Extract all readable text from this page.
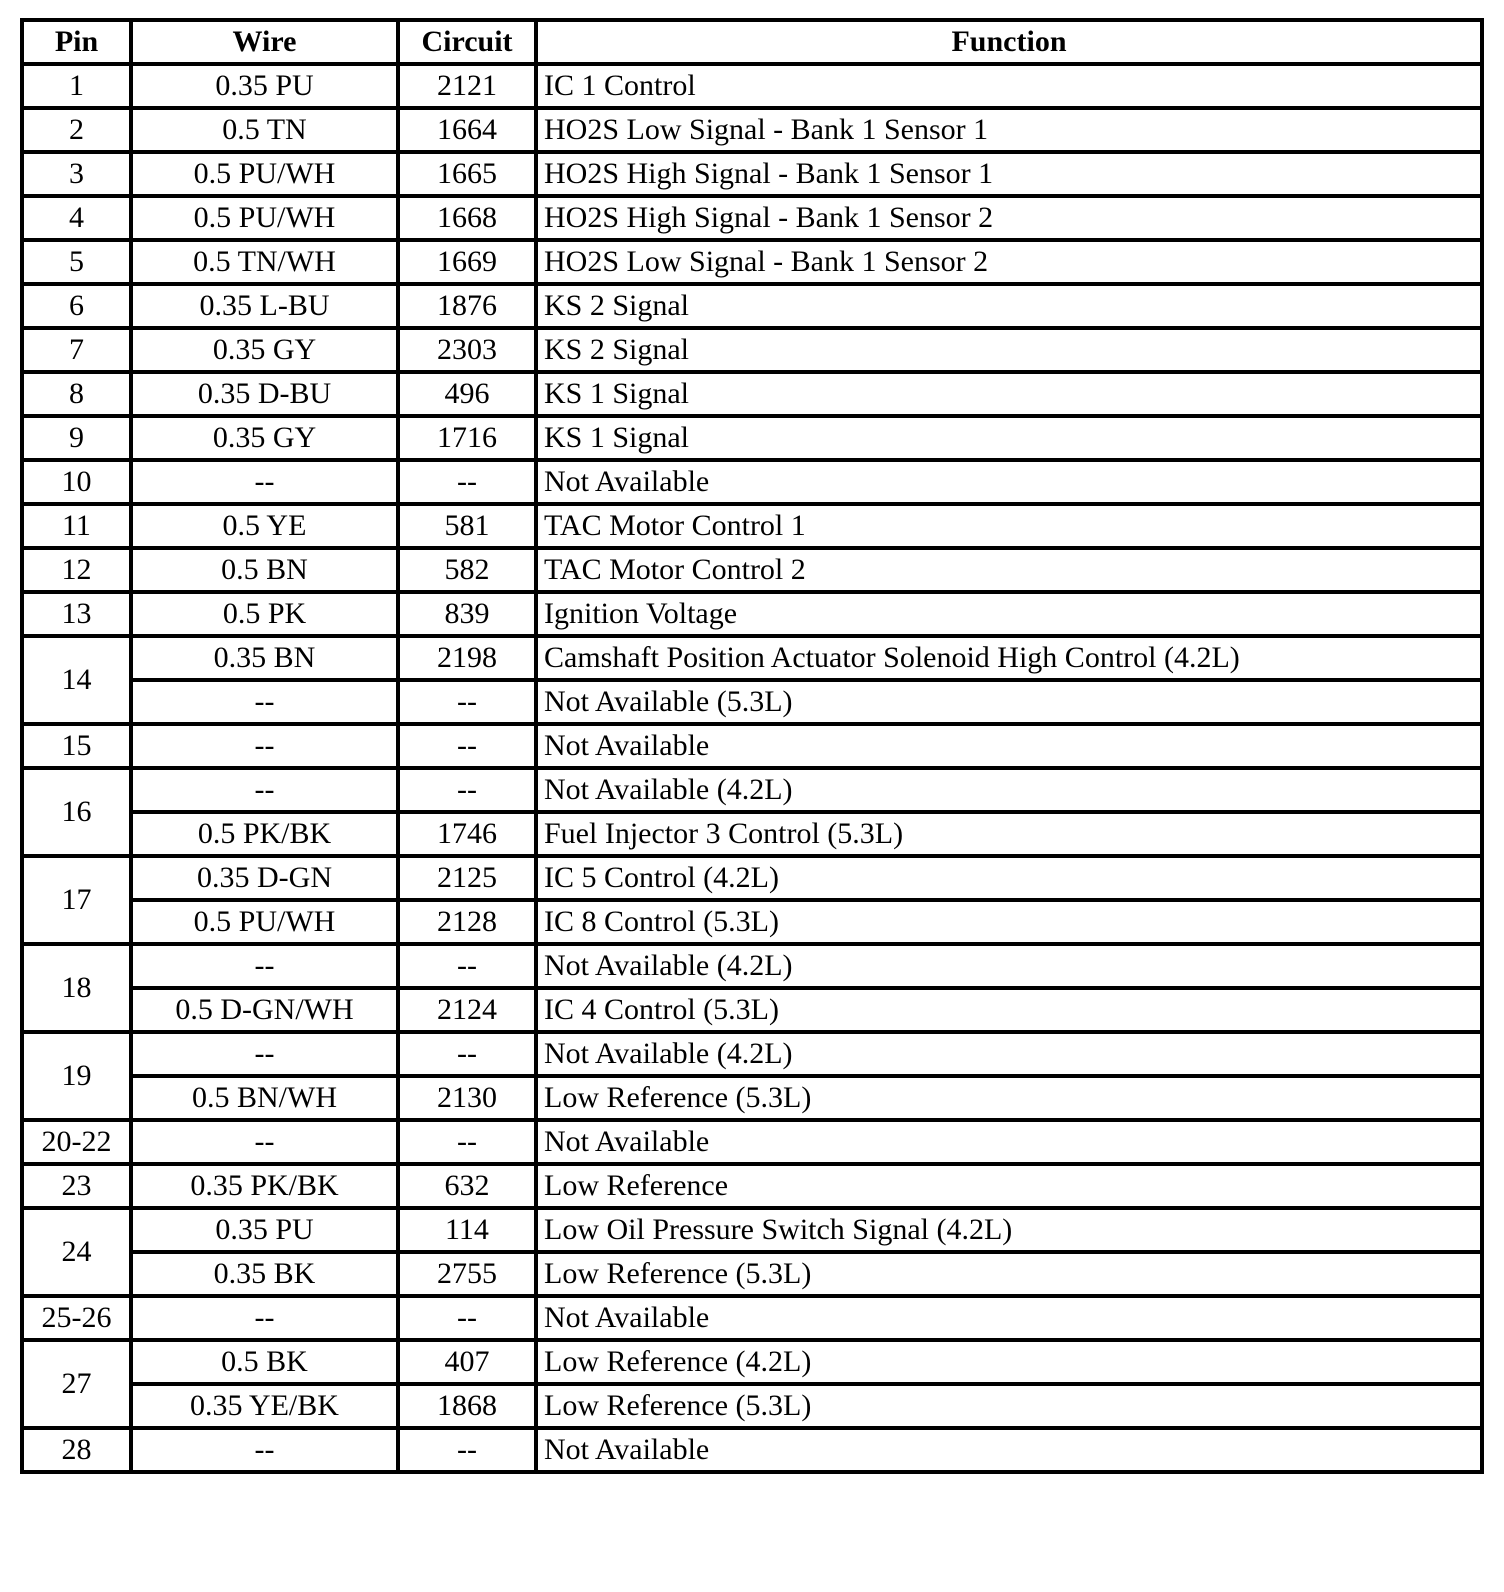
Pin	Wire	Circuit	Function
1	0.35 PU	2121	IC 1 Control
2	0.5 TN	1664	HO2S Low Signal - Bank 1 Sensor 1
3	0.5 PU/WH	1665	HO2S High Signal - Bank 1 Sensor 1
4	0.5 PU/WH	1668	HO2S High Signal - Bank 1 Sensor 2
5	0.5 TN/WH	1669	HO2S Low Signal - Bank 1 Sensor 2
6	0.35 L-BU	1876	KS 2 Signal
7	0.35 GY	2303	KS 2 Signal
8	0.35 D-BU	496	KS 1 Signal
9	0.35 GY	1716	KS 1 Signal
10	--	--	Not Available
11	0.5 YE	581	TAC Motor Control 1
12	0.5 BN	582	TAC Motor Control 2
13	0.5 PK	839	Ignition Voltage
14	0.35 BN	2198	Camshaft Position Actuator Solenoid High Control (4.2L)
	--	--	Not Available (5.3L)
15	--	--	Not Available
16	--	--	Not Available (4.2L)
	0.5 PK/BK	1746	Fuel Injector 3 Control (5.3L)
17	0.35 D-GN	2125	IC 5 Control (4.2L)
	0.5 PU/WH	2128	IC 8 Control (5.3L)
18	--	--	Not Available (4.2L)
	0.5 D-GN/WH	2124	IC 4 Control (5.3L)
19	--	--	Not Available (4.2L)
	0.5 BN/WH	2130	Low Reference (5.3L)
20-22	--	--	Not Available
23	0.35 PK/BK	632	Low Reference
24	0.35 PU	114	Low Oil Pressure Switch Signal (4.2L)
	0.35 BK	2755	Low Reference (5.3L)
25-26	--	--	Not Available
27	0.5 BK	407	Low Reference (4.2L)
	0.35 YE/BK	1868	Low Reference (5.3L)
28	--	--	Not Available
